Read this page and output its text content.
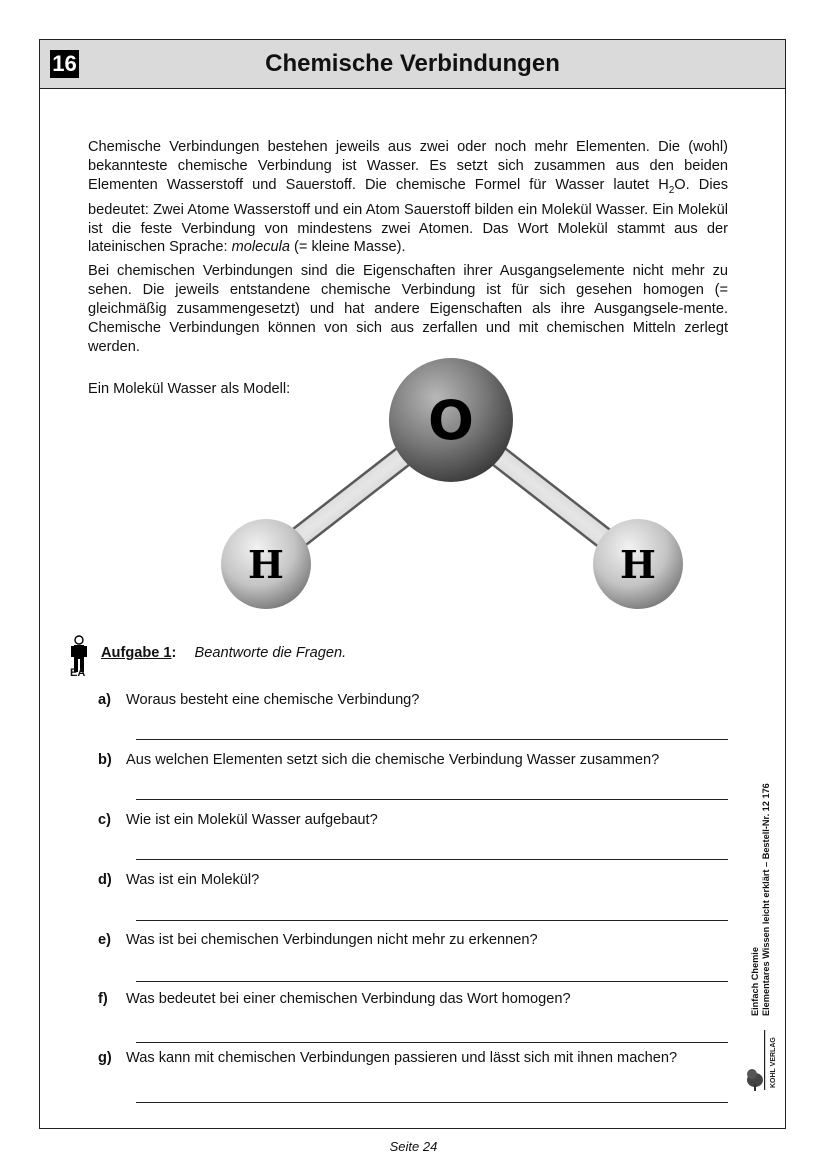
16	Chemische Verbindungen

Chemische Verbindungen bestehen jeweils aus zwei oder noch mehr Elementen. Die (wohl) bekannteste chemische Verbindung ist Wasser. Es setzt sich zusammen aus den beiden Elementen Wasserstoff und Sauerstoff. Die chemische Formel für Wasser lautet $H_2O$. Dies bedeutet: Zwei Atome Wasserstoff und ein Atom Sauerstoff bilden ein Molekül Wasser. Ein Molekül ist die feste Verbindung von mindestens zwei Atomen. Das Wort Molekül stammt aus der lateinischen Sprache: molecula (= kleine Masse).

Bei chemischen Verbindungen sind die Eigenschaften ihrer Ausgangselemente nicht mehr zu sehen. Die jeweils entstandene chemische Verbindung ist für sich gesehen homogen (= gleichmäßig zusammengesetzt) und hat andere Eigenschaften als ihre Ausgangsele-mente. Chemische Verbindungen können von sich aus zerfallen und mit chemischen Mitteln zerlegt werden.

Ein Molekül Wasser als Modell:	O
H	H
EA
Aufgabe 1: Beantworte die Fragen.
a) Woraus besteht eine chemische Verbindung?
b) Aus welchen Elementen setzt sich die chemische Verbindung Wasser zusammen?
c) Wie ist ein Molekül Wasser aufgebaut?
d) Was ist ein Molekül?
e) Was ist bei chemischen Verbindungen nicht mehr zu erkennen?
f) Was bedeutet bei einer chemischen Verbindung das Wort homogen?
g) Was kann mit chemischen Verbindungen passieren und lässt sich mit ihnen machen?
Einfach Chemie Elementares Wissen leicht erklärt – Bestell-Nr. 12 176
KOHL VERLAG
Seite 24
